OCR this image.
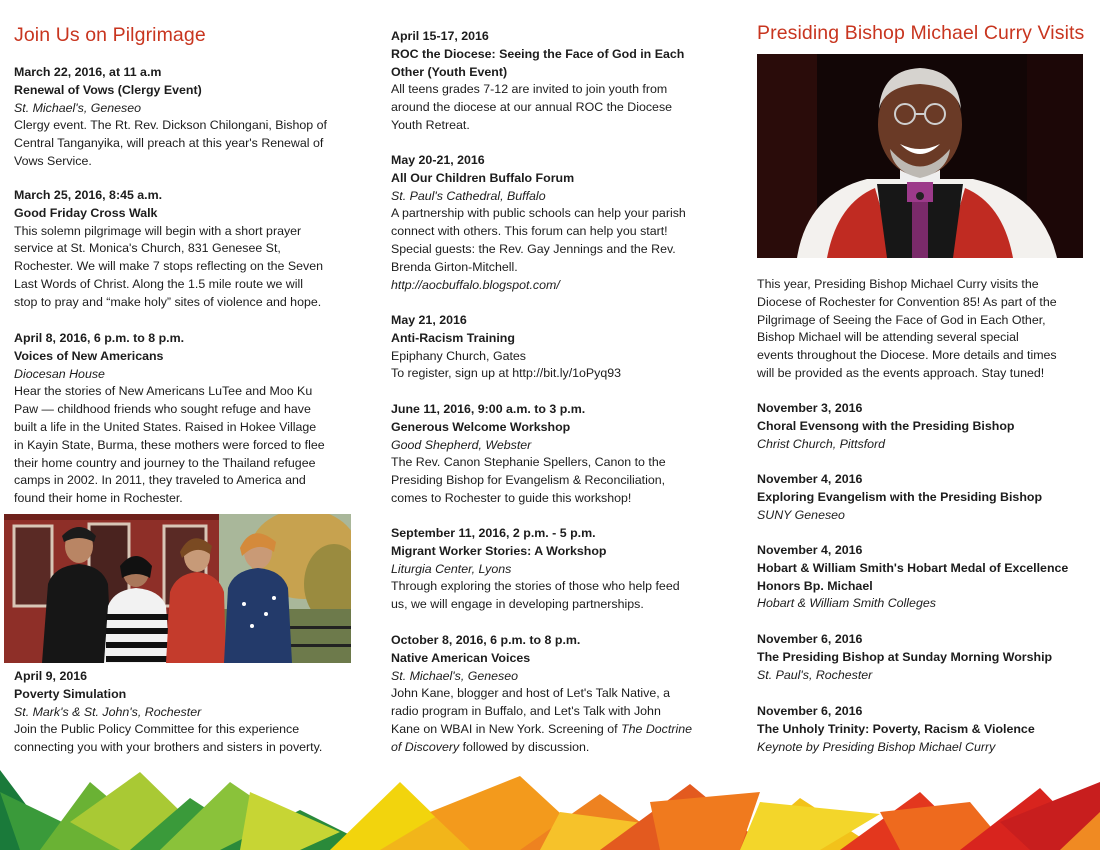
Join Us on Pilgrimage
March 22, 2016, at 11 a.m
Renewal of Vows (Clergy Event)
St. Michael's, Geneseo
Clergy event. The Rt. Rev. Dickson Chilongani, Bishop of
Central Tanganyika, will preach at this year's Renewal of
Vows Service.
March 25, 2016, 8:45 a.m.
Good Friday Cross Walk
This solemn pilgrimage will begin with a short prayer
service at St. Monica's Church, 831 Genesee St,
Rochester. We will make 7 stops reflecting on the Seven
Last Words of Christ. Along the 1.5 mile route we will
stop to pray and “make holy” sites of violence and hope.
April 8, 2016, 6 p.m. to 8 p.m.
Voices of New Americans
Diocesan House
Hear the stories of New Americans LuTee and Moo Ku
Paw — childhood friends who sought refuge and have
built a life in the United States. Raised in Hokee Village
in Kayin State, Burma, these mothers were forced to flee
their home country and journey to the Thailand refugee
camps in 2002. In 2011, they traveled to America and
found their home in Rochester.
April 9, 2016
Poverty Simulation
St. Mark's & St. John's, Rochester
Join the Public Policy Committee for this experience
connecting you with your brothers and sisters in poverty.
April 15-17, 2016
ROC the Diocese: Seeing the Face of God in Each
Other (Youth Event)
All teens grades 7-12 are invited to join youth from
around the diocese at our annual ROC the Diocese
Youth Retreat.
May 20-21, 2016
All Our Children Buffalo Forum
St. Paul's Cathedral, Buffalo
A partnership with public schools can help your parish
connect with others. This forum can help you start!
Special guests: the Rev. Gay Jennings and the Rev.
Brenda Girton-Mitchell.
http://aocbuffalo.blogspot.com/
May 21, 2016
Anti-Racism Training
Epiphany Church, Gates
To register, sign up at http://bit.ly/1oPyq93
June 11, 2016, 9:00 a.m. to 3 p.m.
Generous Welcome Workshop
Good Shepherd, Webster
The Rev. Canon Stephanie Spellers, Canon to the
Presiding Bishop for Evangelism & Reconciliation,
comes to Rochester to guide this workshop!
September 11, 2016, 2 p.m. - 5 p.m.
Migrant Worker Stories: A Workshop
Liturgia Center, Lyons
Through exploring the stories of those who help feed
us, we will engage in developing partnerships.
October 8, 2016, 6 p.m. to 8 p.m.
Native American Voices
St. Michael's, Geneseo
John Kane, blogger and host of Let's Talk Native, a
radio program in Buffalo, and Let's Talk with John
Kane on WBAI in New York. Screening of The Doctrine
of Discovery followed by discussion.
Presiding Bishop Michael Curry Visits
This year, Presiding Bishop Michael Curry visits the
Diocese of Rochester for Convention 85! As part of the
Pilgrimage of Seeing the Face of God in Each Other,
Bishop Michael will be attending several special
events throughout the Diocese. More details and times
will be provided as the events approach. Stay tuned!
November 3, 2016
Choral Evensong with the Presiding Bishop
Christ Church, Pittsford
November 4, 2016
Exploring Evangelism with the Presiding Bishop
SUNY Geneseo
November 4, 2016
Hobart & William Smith's Hobart Medal of Excellence
Honors Bp. Michael
Hobart & William Smith Colleges
November 6, 2016
The Presiding Bishop at Sunday Morning Worship
St. Paul's, Rochester
November 6, 2016
The Unholy Trinity: Poverty, Racism & Violence
Keynote by Presiding Bishop Michael Curry
